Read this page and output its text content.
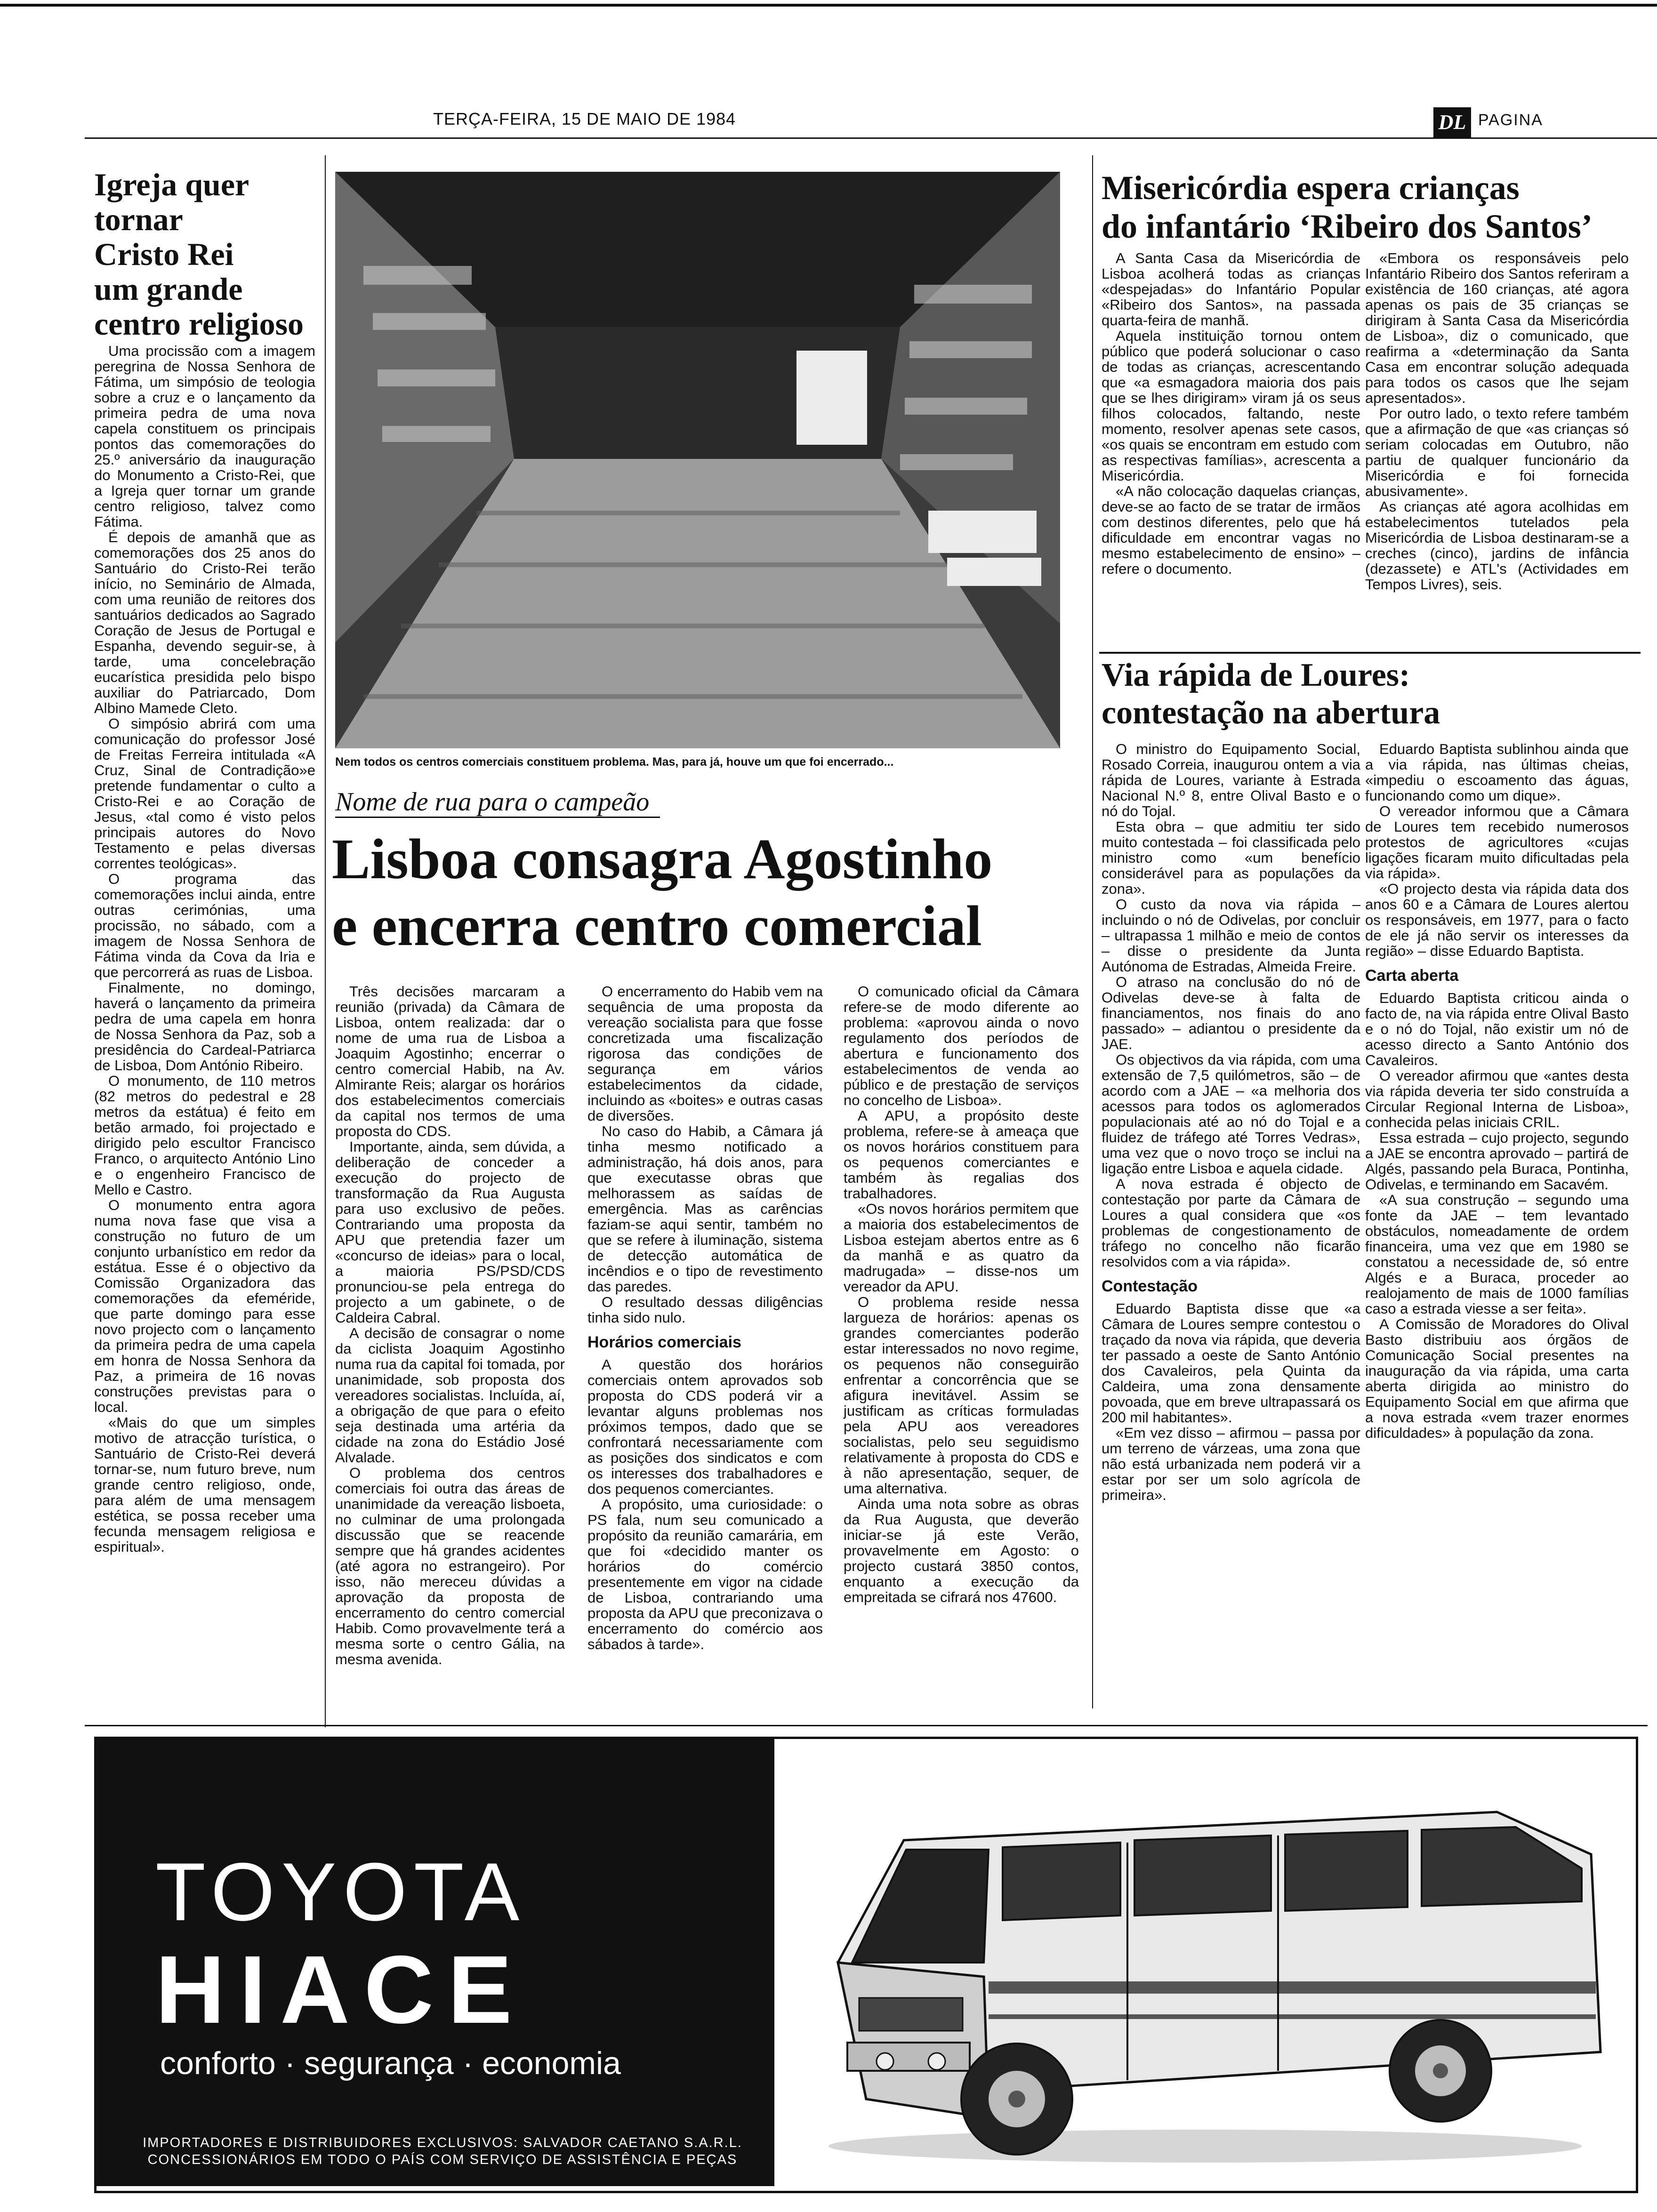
TERÇA-FEIRA, 15 DE MAIO DE 1984	DL PAGINA
Igreja quer
tornar
Cristo Rei
um grande
centro religioso

Uma procissão com a imagem peregrina de Nossa Senhora de Fátima, um simpósio de teologia sobre a cruz e o lançamento da primeira pedra de uma nova capela constituem os principais pontos das comemorações do 25.º aniversário da inauguração do Monumento a Cristo-Rei, que a Igreja quer tornar um grande centro religioso, talvez como Fátima.

É depois de amanhã que as comemorações dos 25 anos do Santuário do Cristo-Rei terão início, no Seminário de Almada, com uma reunião de reitores dos santuários dedicados ao Sagrado Coração de Jesus de Portugal e Espanha, devendo seguir-se, à tarde, uma concelebração eucarística presidida pelo bispo auxiliar do Patriarcado, Dom Albino Mamede Cleto.

O simpósio abrirá com uma comunicação do professor José de Freitas Ferreira intitulada «A Cruz, Sinal de Contradição»e pretende fundamentar o culto a Cristo-Rei e ao Coração de Jesus, «tal como é visto pelos principais autores do Novo Testamento e pelas diversas correntes teológicas».

O programa das comemorações inclui ainda, entre outras cerimónias, uma procissão, no sábado, com a imagem de Nossa Senhora de Fátima vinda da Cova da Iria e que percorrerá as ruas de Lisboa.

Finalmente, no domingo, haverá o lançamento da primeira pedra de uma capela em honra de Nossa Senhora da Paz, sob a presidência do Cardeal-Patriarca de Lisboa, Dom António Ribeiro.

O monumento, de 110 metros (82 metros do pedestral e 28 metros da estátua) é feito em betão armado, foi projectado e dirigido pelo escultor Francisco Franco, o arquitecto António Lino e o engenheiro Francisco de Mello e Castro.

O monumento entra agora numa nova fase que visa a construção no futuro de um conjunto urbanístico em redor da estátua. Esse é o objectivo da Comissão Organizadora das comemorações da efeméride, que parte domingo para esse novo projecto com o lançamento da primeira pedra de uma capela em honra de Nossa Senhora da Paz, a primeira de 16 novas construções previstas para o local.

«Mais do que um simples motivo de atracção turística, o Santuário de Cristo-Rei deverá tornar-se, num futuro breve, num grande centro religioso, onde, para além de uma mensagem estética, se possa receber uma fecunda mensagem religiosa e espiritual».

Nem todos os centros comerciais constituem problema. Mas, para já, houve um que foi encerrado...
Nome de rua para o campeão
Lisboa consagra Agostinho
e encerra centro comercial

Três decisões marcaram a reunião (privada) da Câmara de Lisboa, ontem realizada: dar o nome de uma rua de Lisboa a Joaquim Agostinho; encerrar o centro comercial Habib, na Av. Almirante Reis; alargar os horários dos estabelecimentos comerciais da capital nos termos de uma proposta do CDS.

Importante, ainda, sem dúvida, a deliberação de conceder a execução do projecto de transformação da Rua Augusta para uso exclusivo de peões. Contrariando uma proposta da APU que pretendia fazer um «concurso de ideias» para o local, a maioria PS/PSD/CDS pronunciou-se pela entrega do projecto a um gabinete, o de Caldeira Cabral.

A decisão de consagrar o nome da ciclista Joaquim Agostinho numa rua da capital foi tomada, por unanimidade, sob proposta dos vereadores socialistas. Incluída, aí, a obrigação de que para o efeito seja destinada uma artéria da cidade na zona do Estádio José Alvalade.

O problema dos centros comerciais foi outra das áreas de unanimidade da vereação lisboeta, no culminar de uma prolongada discussão que se reacende sempre que há grandes acidentes (até agora no estrangeiro). Por isso, não mereceu dúvidas a aprovação da proposta de encerramento do centro comercial Habib. Como provavelmente terá a mesma sorte o centro Gália, na mesma avenida.

O encerramento do Habib vem na sequência de uma proposta da vereação socialista para que fosse concretizada uma fiscalização rigorosa das condições de segurança em vários estabelecimentos da cidade, incluindo as «boites» e outras casas de diversões.

No caso do Habib, a Câmara já tinha mesmo notificado a administração, há dois anos, para que executasse obras que melhorassem as saídas de emergência. Mas as carências faziam-se aqui sentir, também no que se refere à iluminação, sistema de detecção automática de incêndios e o tipo de revestimento das paredes.

O resultado dessas diligências tinha sido nulo.

Horários comerciais

A questão dos horários comerciais ontem aprovados sob proposta do CDS poderá vir a levantar alguns problemas nos próximos tempos, dado que se confrontará necessariamente com as posições dos sindicatos e com os interesses dos trabalhadores e dos pequenos comerciantes.

A propósito, uma curiosidade: o PS fala, num seu comunicado a propósito da reunião camarária, em que foi «decidido manter os horários do comércio presentemente em vigor na cidade de Lisboa, contrariando uma proposta da APU que preconizava o encerramento do comércio aos sábados à tarde».

O comunicado oficial da Câmara refere-se de modo diferente ao problema: «aprovou ainda o novo regulamento dos períodos de abertura e funcionamento dos estabelecimentos de venda ao público e de prestação de serviços no concelho de Lisboa».

A APU, a propósito deste problema, refere-se à ameaça que os novos horários constituem para os pequenos comerciantes e também às regalias dos trabalhadores.

«Os novos horários permitem que a maioria dos estabelecimentos de Lisboa estejam abertos entre as 6 da manhã e as quatro da madrugada» – disse-nos um vereador da APU.

O problema reside nessa largueza de horários: apenas os grandes comerciantes poderão estar interessados no novo regime, os pequenos não conseguirão enfrentar a concorrência que se afigura inevitável. Assim se justificam as críticas formuladas pela APU aos vereadores socialistas, pelo seu seguidismo relativamente à proposta do CDS e à não apresentação, sequer, de uma alternativa.

Ainda uma nota sobre as obras da Rua Augusta, que deverão iniciar-se já este Verão, provavelmente em Agosto: o projecto custará 3850 contos, enquanto a execução da empreitada se cifrará nos 47600.

Misericórdia espera crianças
do infantário ‘Ribeiro dos Santos’

A Santa Casa da Misericórdia de Lisboa acolherá todas as crianças «despejadas» do Infantário Popular «Ribeiro dos Santos», na passada quarta-feira de manhã.

Aquela instituição tornou ontem público que poderá solucionar o caso de todas as crianças, acrescentando que «a esmagadora maioria dos pais que se lhes dirigiram» viram já os seus filhos colocados, faltando, neste momento, resolver apenas sete casos, «os quais se encontram em estudo com as respectivas famílias», acrescenta a Misericórdia.

«A não colocação daquelas crianças, deve-se ao facto de se tratar de irmãos com destinos diferentes, pelo que há dificuldade em encontrar vagas no mesmo estabelecimento de ensino» – refere o documento.

«Embora os responsáveis pelo Infantário Ribeiro dos Santos referiram a existência de 160 crianças, até agora apenas os pais de 35 crianças se dirigiram à Santa Casa da Misericórdia de Lisboa», diz o comunicado, que reafirma a «determinação da Santa Casa em encontrar solução adequada para todos os casos que lhe sejam apresentados».

Por outro lado, o texto refere também que a afirmação de que «as crianças só seriam colocadas em Outubro, não partiu de qualquer funcionário da Misericórdia e foi fornecida abusivamente».

As crianças até agora acolhidas em estabelecimentos tutelados pela Misericórdia de Lisboa destinaram-se a creches (cinco), jardins de infância (dezassete) e ATL's (Actividades em Tempos Livres), seis.

Via rápida de Loures:
contestação na abertura

O ministro do Equipamento Social, Rosado Correia, inaugurou ontem a via rápida de Loures, variante à Estrada Nacional N.º 8, entre Olival Basto e o nó do Tojal.

Esta obra – que admitiu ter sido muito contestada – foi classificada pelo ministro como «um benefício considerável para as populações da zona».

O custo da nova via rápida – incluindo o nó de Odivelas, por concluir – ultrapassa 1 milhão e meio de contos – disse o presidente da Junta Autónoma de Estradas, Almeida Freire.

O atraso na conclusão do nó de Odivelas deve-se à falta de financiamentos, nos finais do ano passado» – adiantou o presidente da JAE.

Os objectivos da via rápida, com uma extensão de 7,5 quilómetros, são – de acordo com a JAE – «a melhoria dos acessos para todos os aglomerados populacionais até ao nó do Tojal e a fluidez de tráfego até Torres Vedras», uma vez que o novo troço se inclui na ligação entre Lisboa e aquela cidade.

A nova estrada é objecto de contestação por parte da Câmara de Loures a qual considera que «os problemas de congestionamento de tráfego no concelho não ficarão resolvidos com a via rápida».

Contestação

Eduardo Baptista disse que «a Câmara de Loures sempre contestou o traçado da nova via rápida, que deveria ter passado a oeste de Santo António dos Cavaleiros, pela Quinta da Caldeira, uma zona densamente povoada, que em breve ultrapassará os 200 mil habitantes».

«Em vez disso – afirmou – passa por um terreno de várzeas, uma zona que não está urbanizada nem poderá vir a estar por ser um solo agrícola de primeira».

Eduardo Baptista sublinhou ainda que a via rápida, nas últimas cheias, «impediu o escoamento das águas, funcionando como um dique».

O vereador informou que a Câmara de Loures tem recebido numerosos protestos de agricultores «cujas ligações ficaram muito dificultadas pela via rápida».

«O projecto desta via rápida data dos anos 60 e a Câmara de Loures alertou os responsáveis, em 1977, para o facto de ele já não servir os interesses da região» – disse Eduardo Baptista.

Carta aberta

Eduardo Baptista criticou ainda o facto de, na via rápida entre Olival Basto e o nó do Tojal, não existir um nó de acesso directo a Santo António dos Cavaleiros.

O vereador afirmou que «antes desta via rápida deveria ter sido construída a Circular Regional Interna de Lisboa», conhecida pelas iniciais CRIL.

Essa estrada – cujo projecto, segundo a JAE se encontra aprovado – partirá de Algés, passando pela Buraca, Pontinha, Odivelas, e terminando em Sacavém.

«A sua construção – segundo uma fonte da JAE – tem levantado obstáculos, nomeadamente de ordem financeira, uma vez que em 1980 se constatou a necessidade de, só entre Algés e a Buraca, proceder ao realojamento de mais de 1000 famílias caso a estrada viesse a ser feita».

A Comissão de Moradores do Olival Basto distribuiu aos órgãos de Comunicação Social presentes na inauguração da via rápida, uma carta aberta dirigida ao ministro do Equipamento Social em que afirma que a nova estrada «vem trazer enormes dificuldades» à população da zona.

TOYOTA
HIACE
conforto · segurança · economia
IMPORTADORES E DISTRIBUIDORES EXCLUSIVOS: SALVADOR CAETANO S.A.R.L.
CONCESSIONÁRIOS EM TODO O PAÍS COM SERVIÇO DE ASSISTÊNCIA E PEÇAS
